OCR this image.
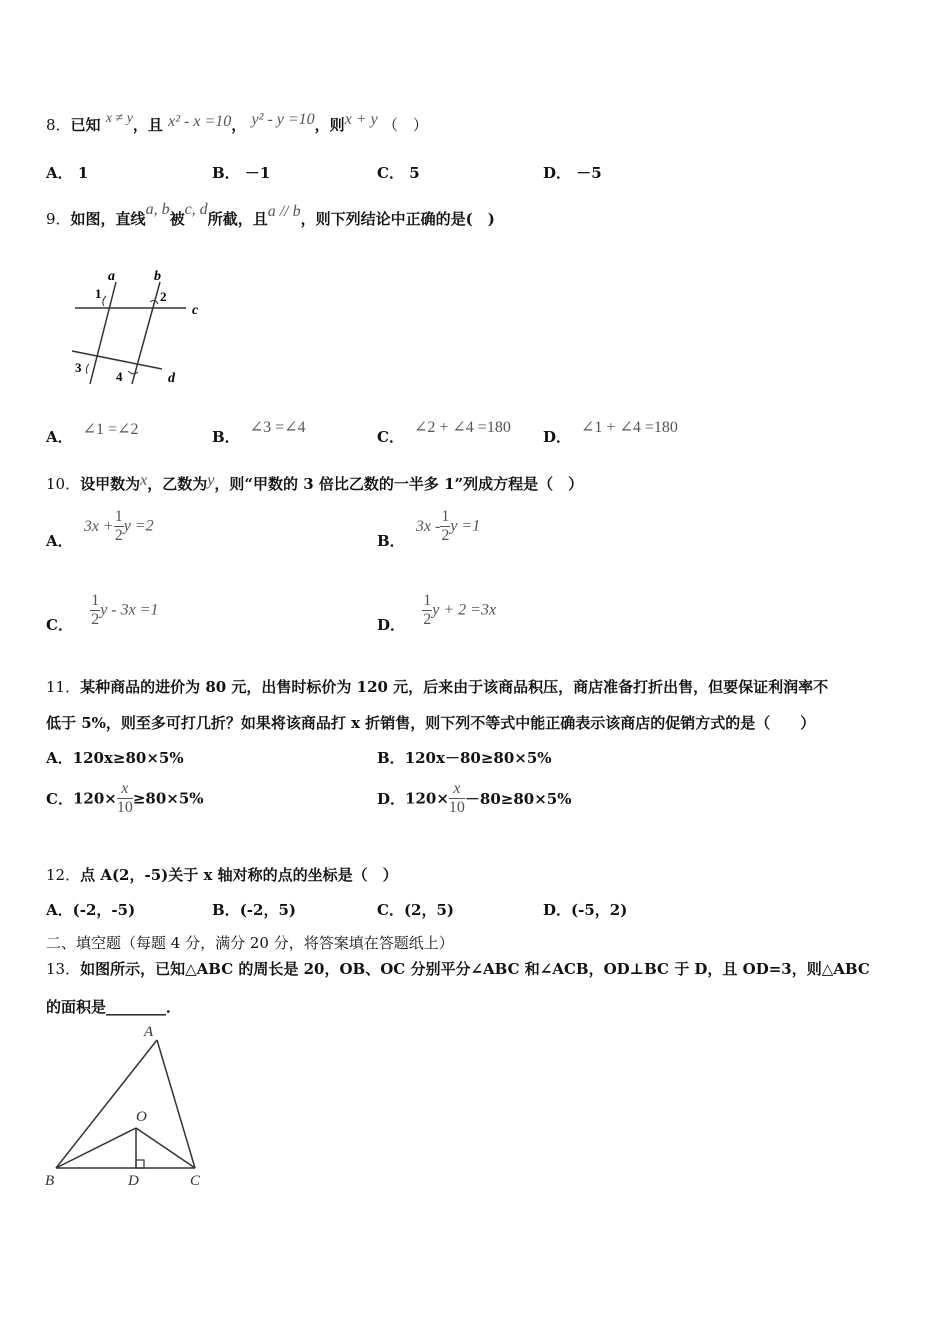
8．已知 x ≠ y，且 x² - x =10， y² - y =10，则x + y （　）
A． 1	B． －1	C． 5	D． －5
9．如图，直线a, b被c, d所截，且a // b，则下列结论中正确的是(　)
a	b
c
d
1	2
3
4
A． ∠1 =∠2	B．∠3 =∠4
C．∠2 + ∠4 =180
D．∠1 + ∠4 =180
10．设甲数为x，乙数为y，则“甲数的 3 倍比乙数的一半多 1”列成方程是（　）
A． $3x + \frac{1}{2}$ y =2
B． $3x - \frac{1}{2}$ y =1
C． $\frac{1}{2}$ y - 3x =1
D． $\frac{1}{2}$ y + 2 =3x
11．某种商品的进价为 80 元，出售时标价为 120 元，后来由于该商品积压，商店准备打折出售，但要保证利润率不
低于 5%，则至多可打几折？如果将该商品打 x 折销售，则下列不等式中能正确表示该商店的促销方式的是（　　）
A．120x≥80×5%	B．120x－80≥80×5%
C．$120\times \frac{x}{10} \ge 80\times 5\%$	D．$120\times \frac{x}{10} -80\ge 80\times 5\%$
12．点 A(2，-5)关于 x 轴对称的点的坐标是（　）
A．(-2，-5)	B．(-2，5)	C．(2，5)	D．(-5，2)
二、填空题（每题 4 分，满分 20 分，将答案填在答题纸上）
13．如图所示，已知△ABC 的周长是 20，OB、OC 分别平分∠ABC 和∠ACB，OD⊥BC 于 D，且 OD=3，则△ABC
的面积是________．
A
B	C
D
O
